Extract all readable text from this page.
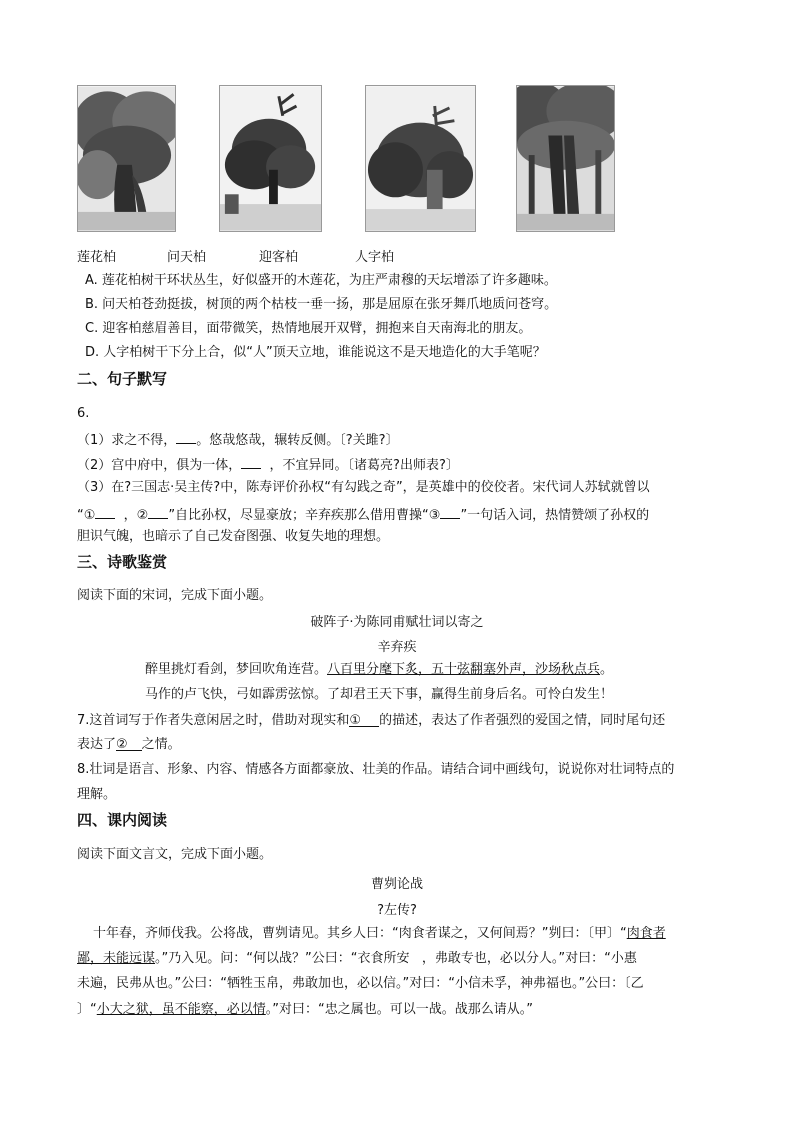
莲花柏	问天柏	迎客柏	人字柏
A. 莲花柏树干环状丛生，好似盛开的木莲花，为庄严肃穆的天坛增添了许多趣味。
B. 问天柏苍劲挺拔，树顶的两个枯枝一垂一扬，那是屈原在张牙舞爪地质问苍穹。
C. 迎客柏慈眉善目，面带微笑，热情地展开双臂，拥抱来自天南海北的朋友。
D. 人字柏树干下分上合，似“人”顶天立地，谁能说这不是天地造化的大手笔呢？
二、句子默写
6.
（1）求之不得， 。悠哉悠哉，辗转反侧。〔?关雎?〕
（2）宫中府中，俱为一体， ，不宜异同。〔诸葛亮?出师表?〕
（3）在?三国志·吴主传?中，陈寿评价孙权“有勾践之奇”，是英雄中的佼佼者。宋代词人苏轼就曾以
“① ，② ”自比孙权，尽显豪放；辛弃疾那么借用曹操“③ ”一句话入词，热情赞颂了孙权的
胆识气魄，也暗示了自己发奋图强、收复失地的理想。
三、诗歌鉴赏
阅读下面的宋词，完成下面小题。
破阵子·为陈同甫赋壮词以寄之
辛弃疾
醉里挑灯看剑，梦回吹角连营。八百里分麾下炙，五十弦翻塞外声，沙场秋点兵。
马作的卢飞快，弓如霹雳弦惊。了却君王天下事，赢得生前身后名。可怜白发生！
7.这首词写于作者失意闲居之时，借助对现实和① 的描述，表达了作者强烈的爱国之情，同时尾句还
表达了② 之情。
8.壮词是语言、形象、内容、情感各方面都豪放、壮美的作品。请结合词中画线句，说说你对壮词特点的
理解。
四、课内阅读
阅读下面文言文，完成下面小题。
曹刿论战
?左传?
十年春，齐师伐我。公将战，曹刿请见。其乡人曰：“肉食者谋之，又何间焉？”刿曰：〔甲〕“肉食者
鄙，未能远谋。”乃入见。问：“何以战？”公曰：“衣食所安 ，弗敢专也，必以分人。”对曰：“小惠
未遍，民弗从也。”公曰：“牺牲玉帛，弗敢加也，必以信。”对曰：“小信未孚，神弗福也。”公曰：〔乙
〕“小大之狱，虽不能察，必以情。”对曰：“忠之属也。可以一战。战那么请从。”
